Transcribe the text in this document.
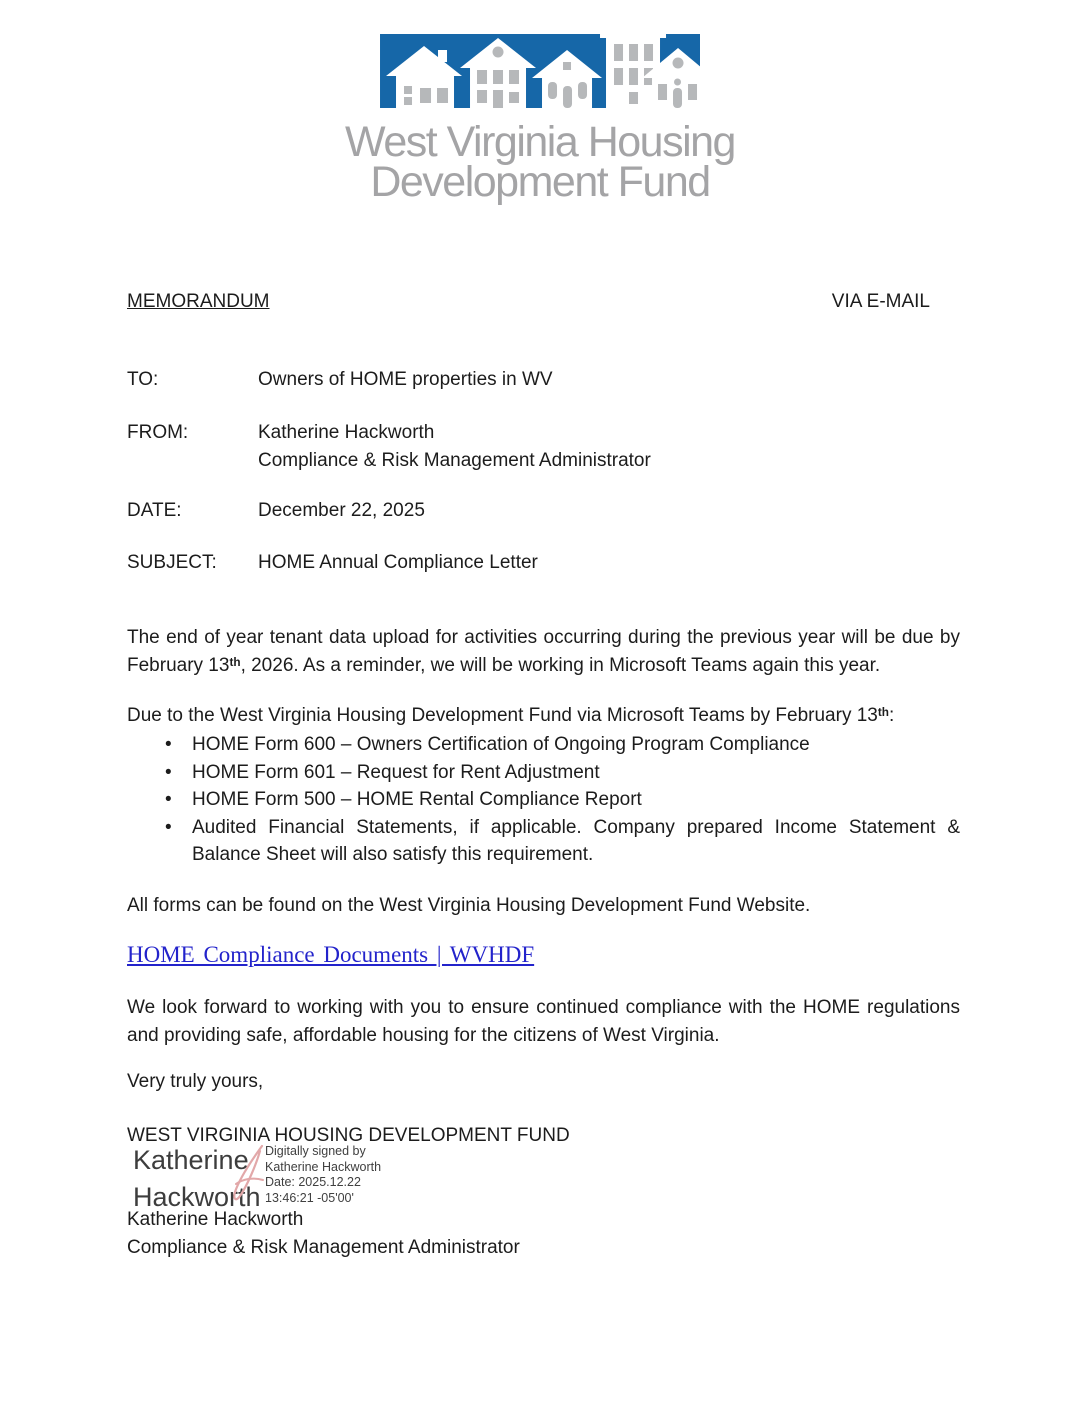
West Virginia Housing
Development Fund
MEMORANDUM	VIA E-MAIL
TO:	Owners of HOME properties in WV
FROM:	Katherine Hackworth
Compliance & Risk Management Administrator
DATE:	December 22, 2025
SUBJECT:	HOME Annual Compliance Letter

The end of year tenant data upload for activities occurring during the previous year will be due by February 13th, 2026. As a reminder, we will be working in Microsoft Teams again this year.

Due to the West Virginia Housing Development Fund via Microsoft Teams by February 13th:

• HOME Form 600 – Owners Certification of Ongoing Program Compliance
• HOME Form 601 – Request for Rent Adjustment
• HOME Form 500 – HOME Rental Compliance Report
• Audited Financial Statements, if applicable. Company prepared Income Statement & Balance Sheet will also satisfy this requirement.

All forms can be found on the West Virginia Housing Development Fund Website.

HOME Compliance Documents | WVHDF

We look forward to working with you to ensure continued compliance with the HOME regulations and providing safe, affordable housing for the citizens of West Virginia.

Very truly yours,

WEST VIRGINIA HOUSING DEVELOPMENT FUND

Katherine
Hackworth
Digitally signed by
Katherine Hackworth
Date: 2025.12.22
13:46:21 -05'00'

Katherine Hackworth

Compliance & Risk Management Administrator
